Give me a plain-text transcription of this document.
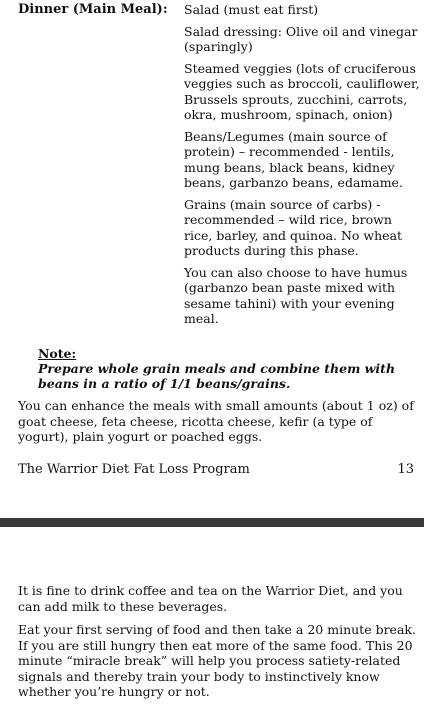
Dinner (Main Meal): Salad (must eat first)

Salad dressing: Olive oil and vinegar (sparingly)

Steamed veggies (lots of cruciferous veggies such as broccoli, cauliflower, Brussels sprouts, zucchini, carrots, okra, mushroom, spinach, onion)

Beans/Legumes (main source of protein) – recommended - lentils, mung beans, black beans, kidney beans, garbanzo beans, edamame.

Grains (main source of carbs) - recommended – wild rice, brown rice, barley, and quinoa. No wheat products during this phase.

You can also choose to have humus (garbanzo bean paste mixed with sesame tahini) with your evening meal.

Note:
Prepare whole grain meals and combine them with beans in a ratio of 1/1 beans/grains.

You can enhance the meals with small amounts (about 1 oz) of goat cheese, feta cheese, ricotta cheese, kefir (a type of yogurt), plain yogurt or poached eggs.

The Warrior Diet Fat Loss Program	13

It is fine to drink coffee and tea on the Warrior Diet, and you can add milk to these beverages.

Eat your first serving of food and then take a 20 minute break. If you are still hungry then eat more of the same food. This 20 minute “miracle break” will help you process satiety-related signals and thereby train your body to instinctively know whether you’re hungry or not.
